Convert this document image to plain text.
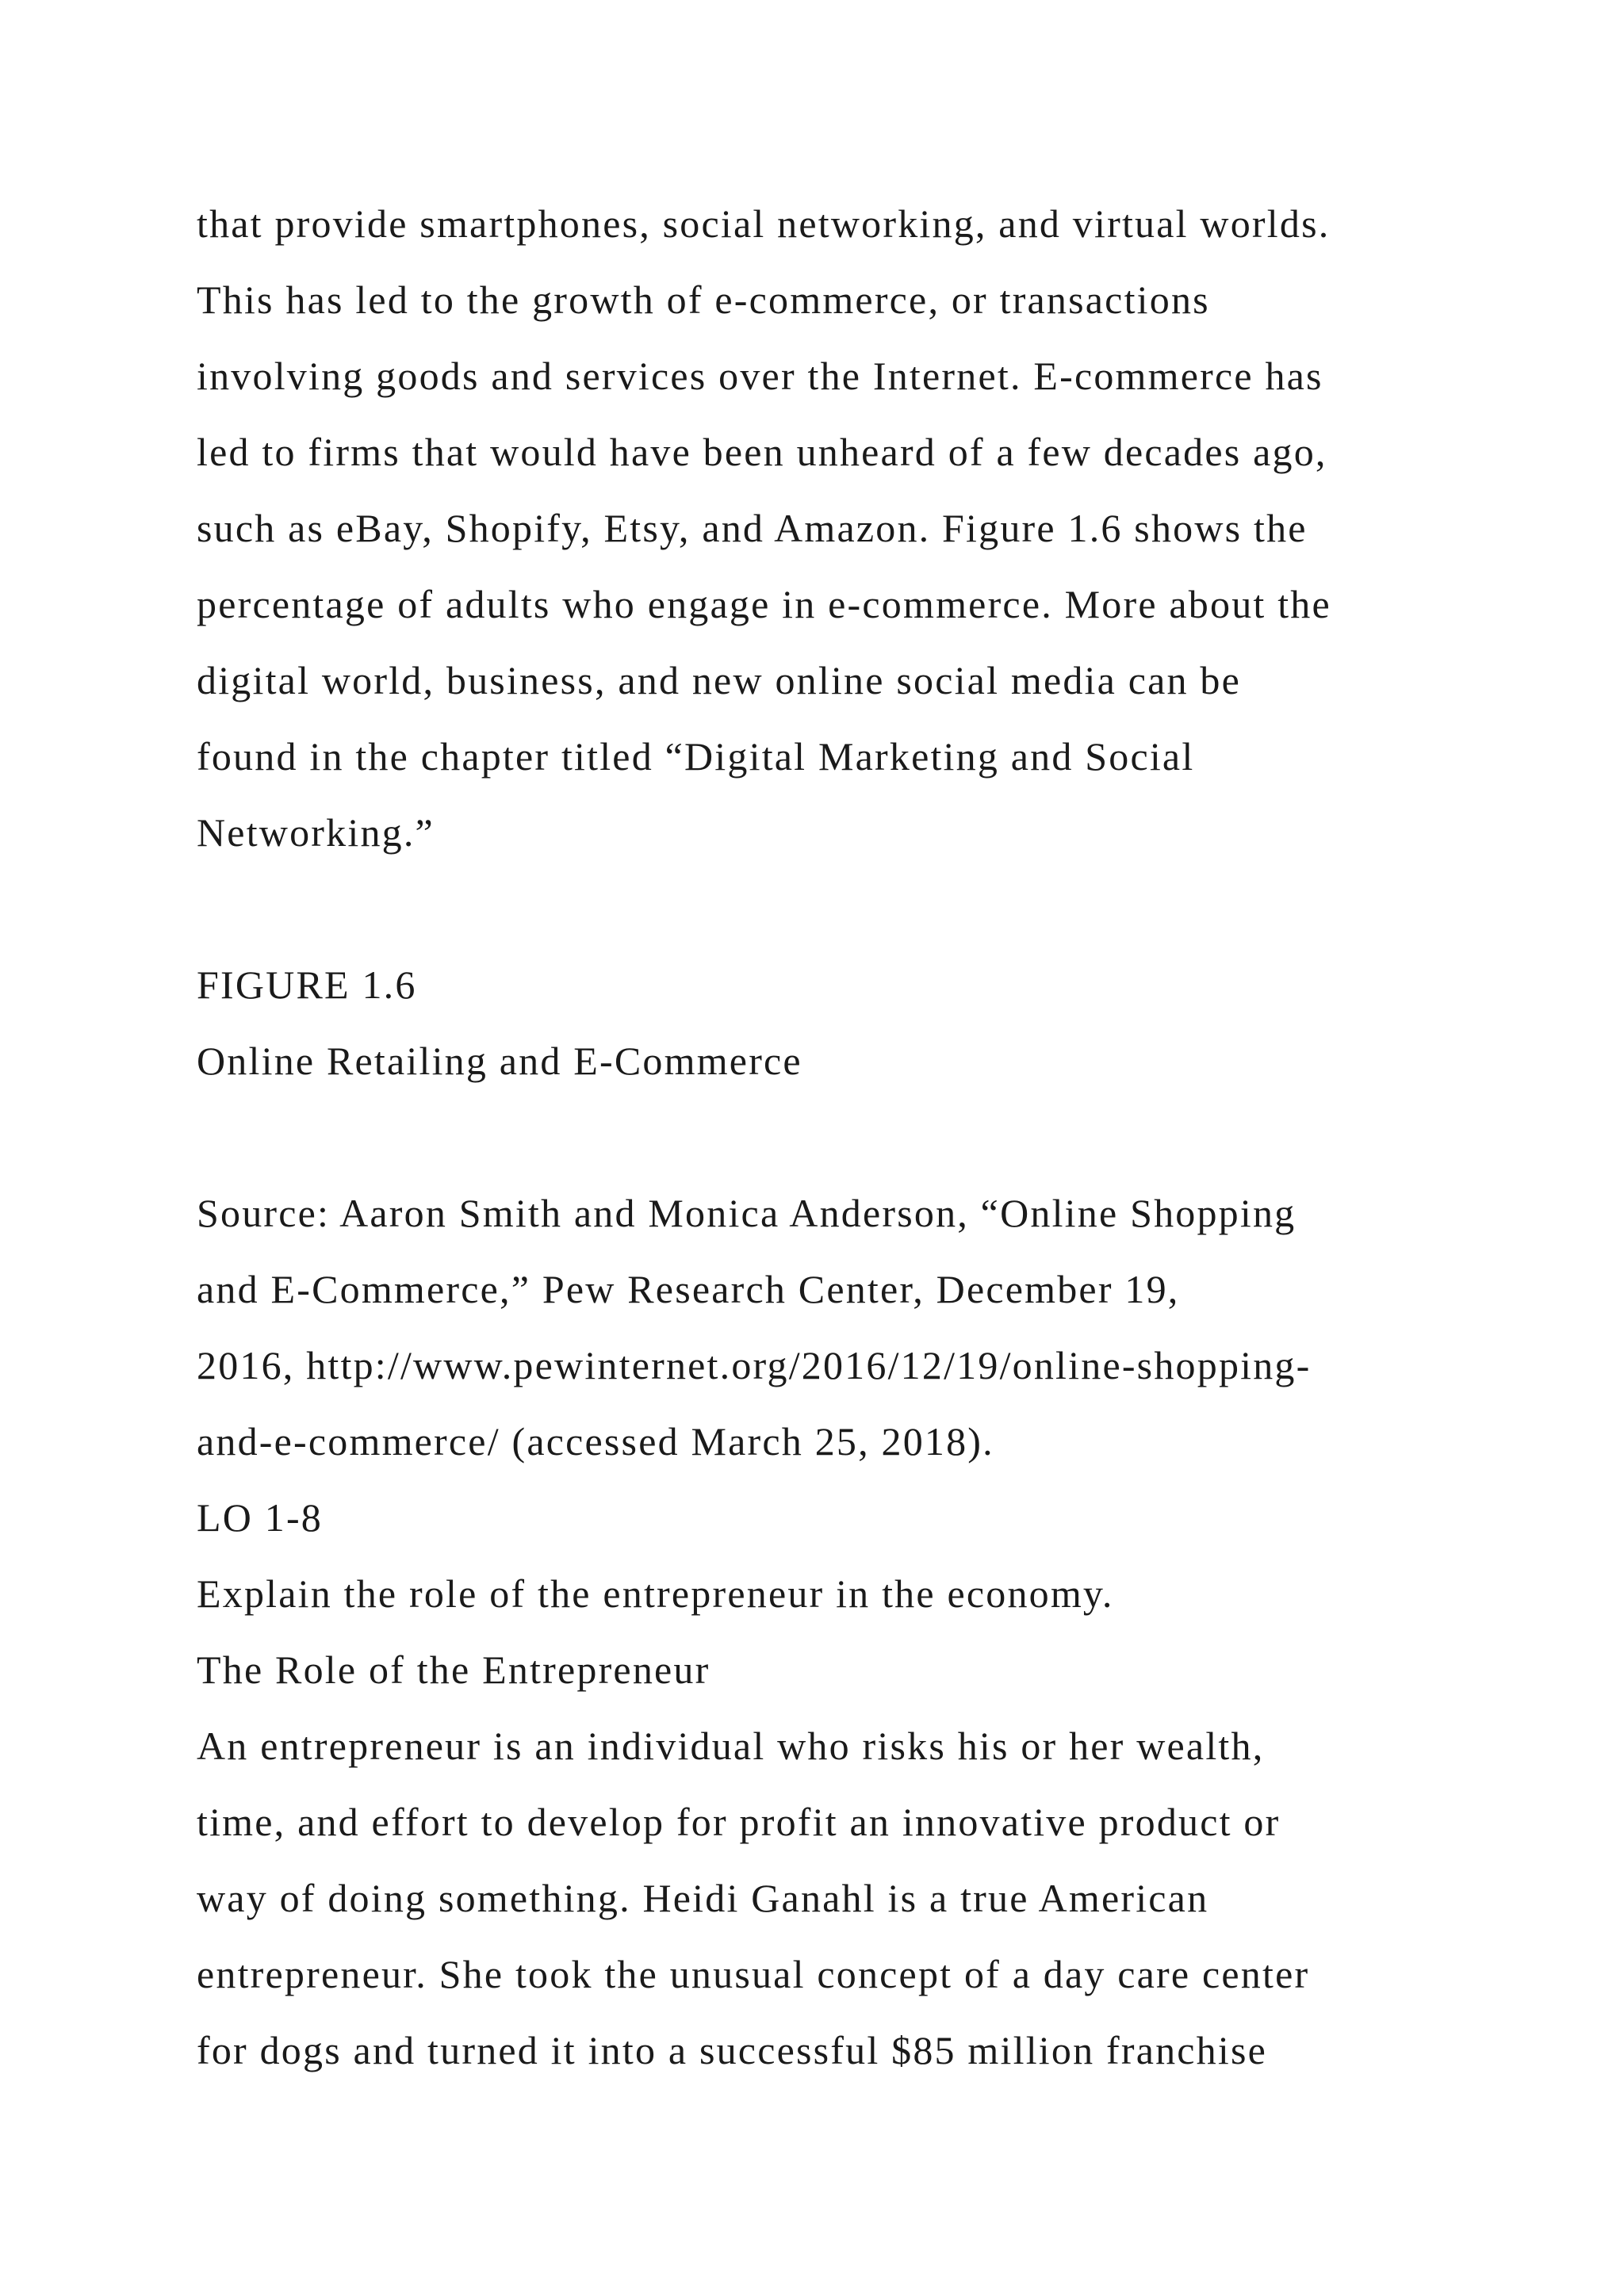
that provide smartphones, social networking, and virtual worlds.

This has led to the growth of e-commerce, or transactions

involving goods and services over the Internet. E-commerce has

led to firms that would have been unheard of a few decades ago,

such as eBay, Shopify, Etsy, and Amazon. Figure 1.6 shows the

percentage of adults who engage in e-commerce. More about the

digital world, business, and new online social media can be

found in the chapter titled “Digital Marketing and Social

Networking.”

FIGURE 1.6

Online Retailing and E-Commerce

Source: Aaron Smith and Monica Anderson, “Online Shopping

and E-Commerce,” Pew Research Center, December 19,

2016, http://www.pewinternet.org/2016/12/19/online-shopping-

and-e-commerce/ (accessed March 25, 2018).

LO 1-8

Explain the role of the entrepreneur in the economy.

The Role of the Entrepreneur

An entrepreneur is an individual who risks his or her wealth,

time, and effort to develop for profit an innovative product or

way of doing something. Heidi Ganahl is a true American

entrepreneur. She took the unusual concept of a day care center

for dogs and turned it into a successful $85 million franchise
